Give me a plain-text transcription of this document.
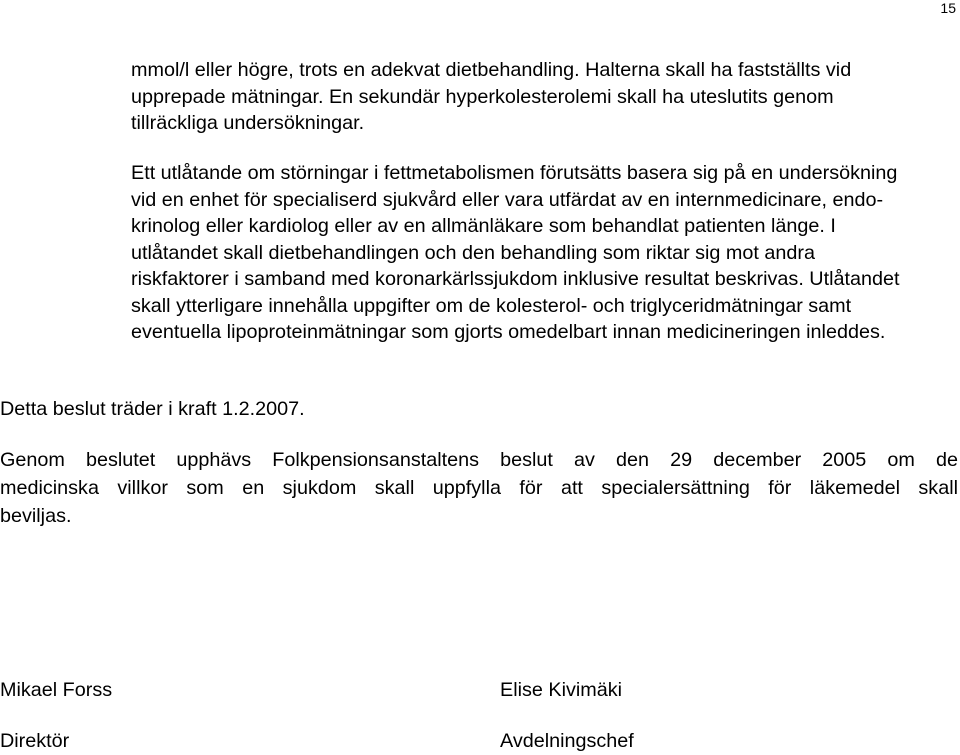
15

mmol/l eller högre, trots en adekvat dietbehandling. Halterna skall ha fastställts vid
upprepade mätningar. En sekundär hyperkolesterolemi skall ha uteslutits genom
tillräckliga undersökningar.

Ett utlåtande om störningar i fettmetabolismen förutsätts basera sig på en undersökning
vid en enhet för specialiserd sjukvård eller vara utfärdat av en internmedicinare, endo-
krinolog eller kardiolog eller av en allmänläkare som behandlat patienten länge. I
utlåtandet skall dietbehandlingen och den behandling som riktar sig mot andra
riskfaktorer i samband med koronarkärlssjukdom inklusive resultat beskrivas. Utlåtandet
skall ytterligare innehålla uppgifter om de kolesterol- och triglyceridmätningar samt
eventuella lipoproteinmätningar som gjorts omedelbart innan medicineringen inleddes.

Detta beslut träder i kraft 1.2.2007.

Genom beslutet upphävs Folkpensionsanstaltens beslut av den 29 december 2005 om de
medicinska villkor som en sjukdom skall uppfylla för att specialersättning för läkemedel skall
beviljas.

Mikael Forss
Direktör
Elise Kivimäki
Avdelningschef
